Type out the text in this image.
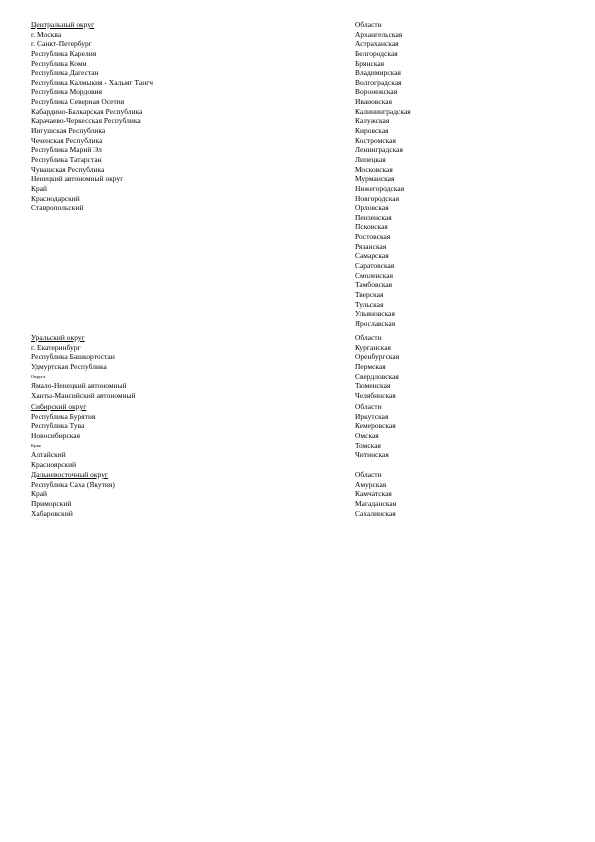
Центральный округ
г. Москва
г. Санкт-Петербург
Республика Карелия
Республика Коми
Республика Дагестан
Республика Калмыкия - Хальмг Тангч
Республика Мордовия
Республика Северная Осетия
Кабардино-Балкарская Республика
Карачаево-Черкесская Республика
Ингушская Республика
Чеченская Республика
Республика Марий Эл
Республика Татарстан
Чувашская Республика
Ненецкий автономный округ
Край
Краснодарский
Ставропольский
Области
Архангельская
Астраханская
Белгородская
Брянская
Владимирская
Волгоградская
Воронежская
Ивановская
Калининградская
Калужская
Кировская
Костромская
Ленинградская
Липецкая
Московская
Мурманская
Нижегородская
Новгородская
Орловская
Пензенская
Псковская
Ростовская
Рязанская
Самарская
Саратовская
Смоленская
Тамбовская
Тверская
Тульская
Ульяновская
Ярославская
Уральский округ
г. Екатеринбург
Республика Башкортостан
Удмуртская Республика
Округа
Ямало-Ненецкий автономный
Ханты-Мансийский автономный
Области
Курганская
Оренбургская
Пермская
Свердловская
Тюменская
Челябинская
Сибирский округ
Республика Бурятия
Республика Тува
Новосибирская
Края
Алтайский
Красноярский
Области
Иркутская
Кемеровская
Омская
Томская
Читинская
Дальневосточный округ
Республика Саха (Якутия)
Край
Приморский
Хабаровский
Области
Амурская
Камчатская
Магаданская
Сахалинская
